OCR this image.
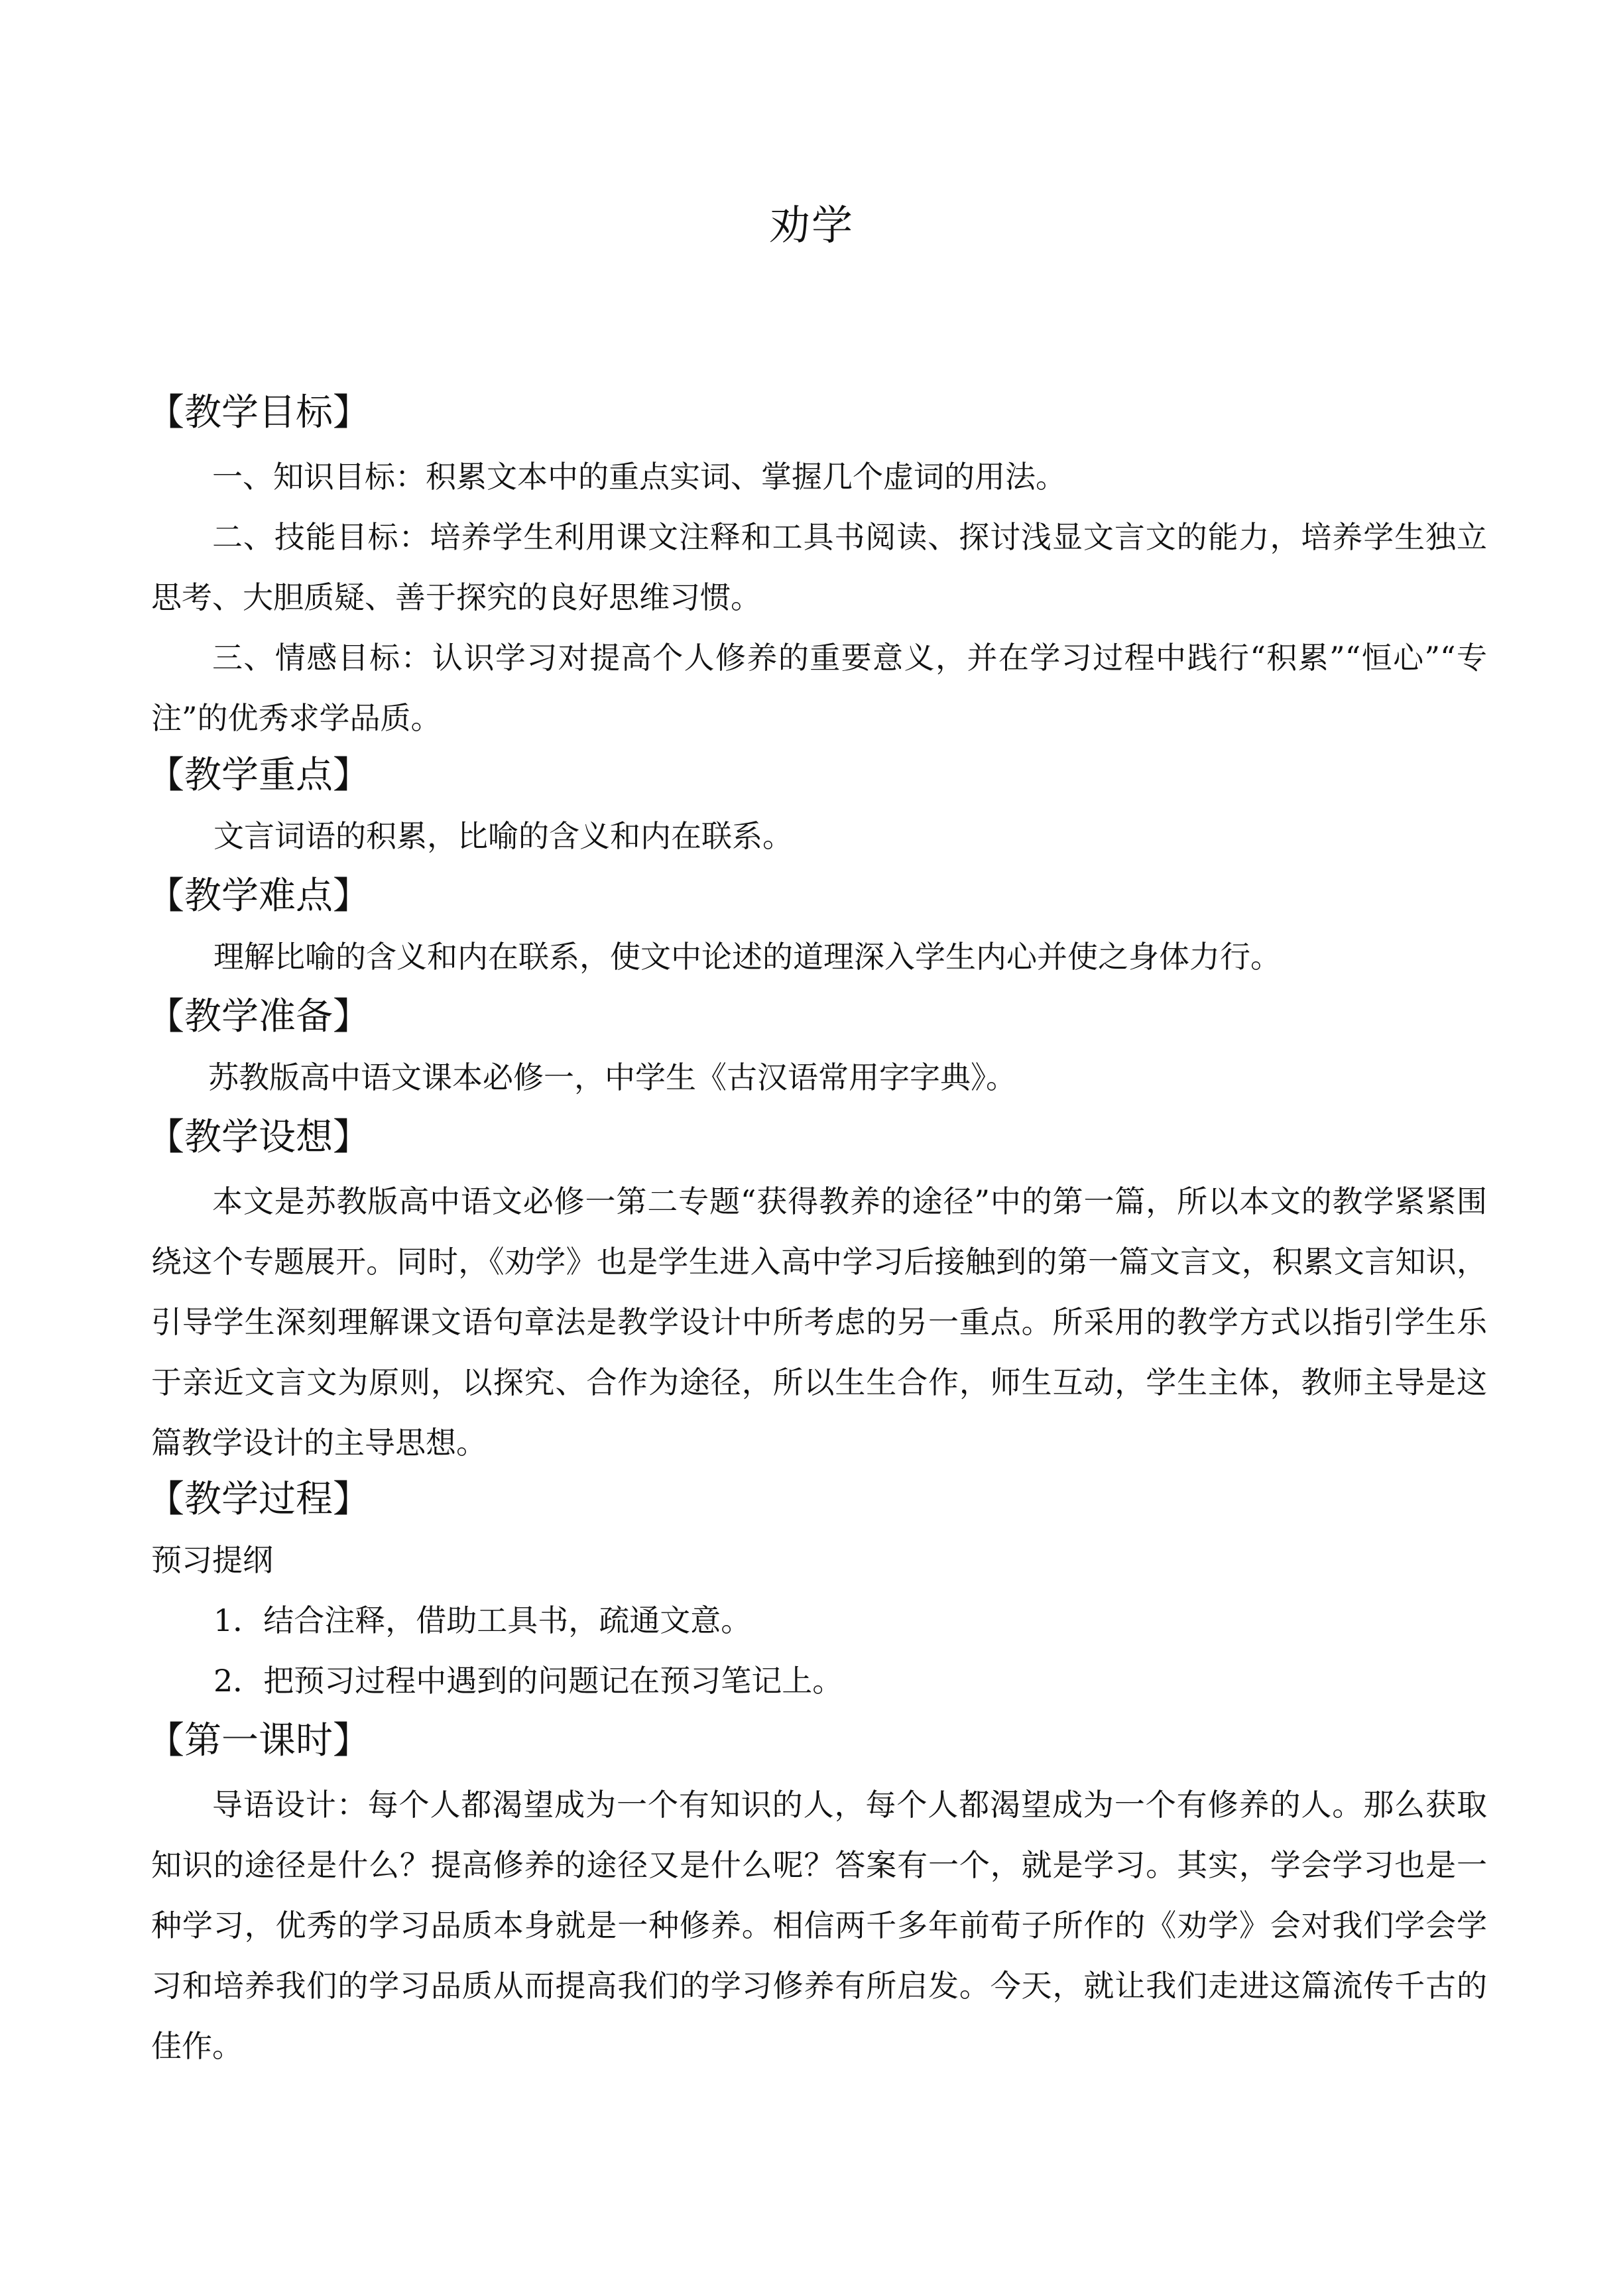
劝学
【教学目标】

一、知识目标：积累文本中的重点实词、掌握几个虚词的用法。

二、技能目标：培养学生利用课文注释和工具书阅读、探讨浅显文言文的能力，培养学生独立思考、大胆质疑、善于探究的良好思维习惯。

三、情感目标：认识学习对提高个人修养的重要意义，并在学习过程中践行“积累”“恒心”“专注”的优秀求学品质。

【教学重点】
文言词语的积累，比喻的含义和内在联系。
【教学难点】
理解比喻的含义和内在联系，使文中论述的道理深入学生内心并使之身体力行。
【教学准备】
苏教版高中语文课本必修一，中学生《古汉语常用字字典》。
【教学设想】

本文是苏教版高中语文必修一第二专题“获得教养的途径”中的第一篇，所以本文的教学紧紧围绕这个专题展开。同时，《劝学》也是学生进入高中学习后接触到的第一篇文言文，积累文言知识，引导学生深刻理解课文语句章法是教学设计中所考虑的另一重点。所采用的教学方式以指引学生乐于亲近文言文为原则，以探究、合作为途径，所以生生合作，师生互动，学生主体，教师主导是这篇教学设计的主导思想。

【教学过程】
预习提纲
1．结合注释，借助工具书，疏通文意。
2．把预习过程中遇到的问题记在预习笔记上。
【第一课时】

导语设计：每个人都渴望成为一个有知识的人，每个人都渴望成为一个有修养的人。那么获取知识的途径是什么？提高修养的途径又是什么呢？答案有一个，就是学习。其实，学会学习也是一种学习，优秀的学习品质本身就是一种修养。相信两千多年前荀子所作的《劝学》会对我们学会学习和培养我们的学习品质从而提高我们的学习修养有所启发。今天，就让我们走进这篇流传千古的佳作。
